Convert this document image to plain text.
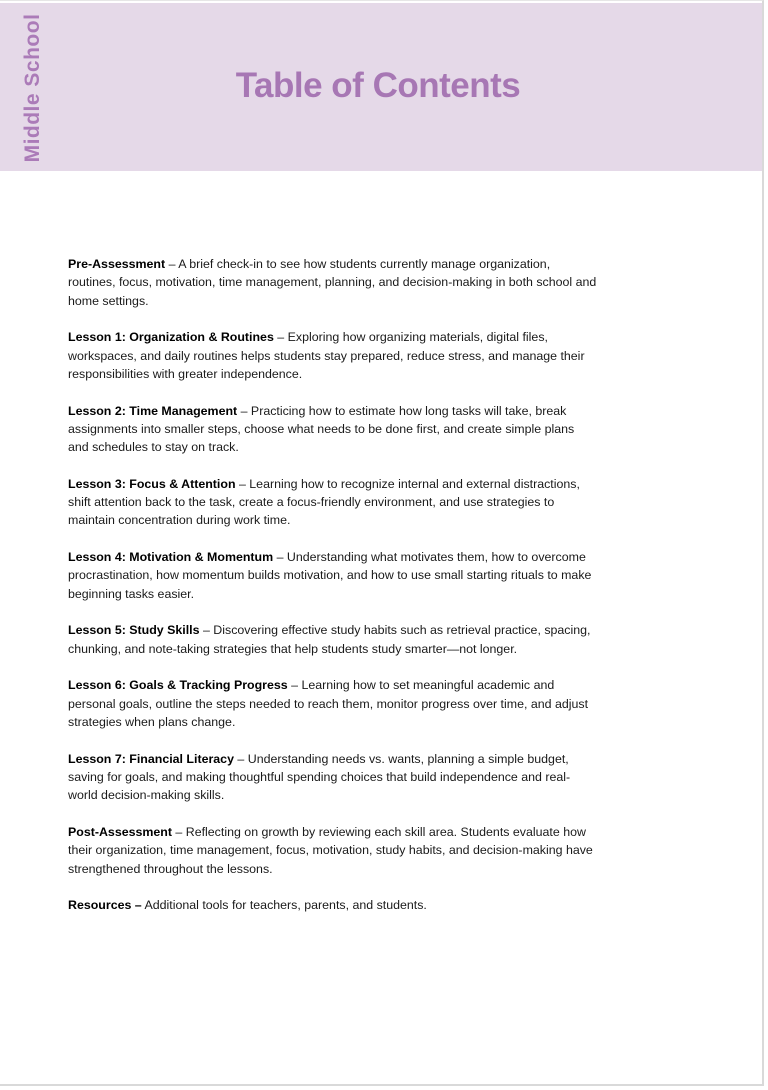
Middle School	Table of Contents
Pre-Assessment – A brief check-in to see how students currently manage organization, routines, focus, motivation, time management, planning, and decision-making in both school and home settings.
Lesson 1: Organization & Routines – Exploring how organizing materials, digital files, workspaces, and daily routines helps students stay prepared, reduce stress, and manage their responsibilities with greater independence.
Lesson 2: Time Management – Practicing how to estimate how long tasks will take, break assignments into smaller steps, choose what needs to be done first, and create simple plans and schedules to stay on track.
Lesson 3: Focus & Attention – Learning how to recognize internal and external distractions, shift attention back to the task, create a focus-friendly environment, and use strategies to maintain concentration during work time.
Lesson 4: Motivation & Momentum – Understanding what motivates them, how to overcome procrastination, how momentum builds motivation, and how to use small starting rituals to make beginning tasks easier.
Lesson 5: Study Skills – Discovering effective study habits such as retrieval practice, spacing, chunking, and note-taking strategies that help students study smarter—not longer.
Lesson 6: Goals & Tracking Progress – Learning how to set meaningful academic and personal goals, outline the steps needed to reach them, monitor progress over time, and adjust strategies when plans change.
Lesson 7: Financial Literacy – Understanding needs vs. wants, planning a simple budget, saving for goals, and making thoughtful spending choices that build independence and real-world decision-making skills.
Post-Assessment – Reflecting on growth by reviewing each skill area. Students evaluate how their organization, time management, focus, motivation, study habits, and decision-making have strengthened throughout the lessons.
Resources – Additional tools for teachers, parents, and students.
